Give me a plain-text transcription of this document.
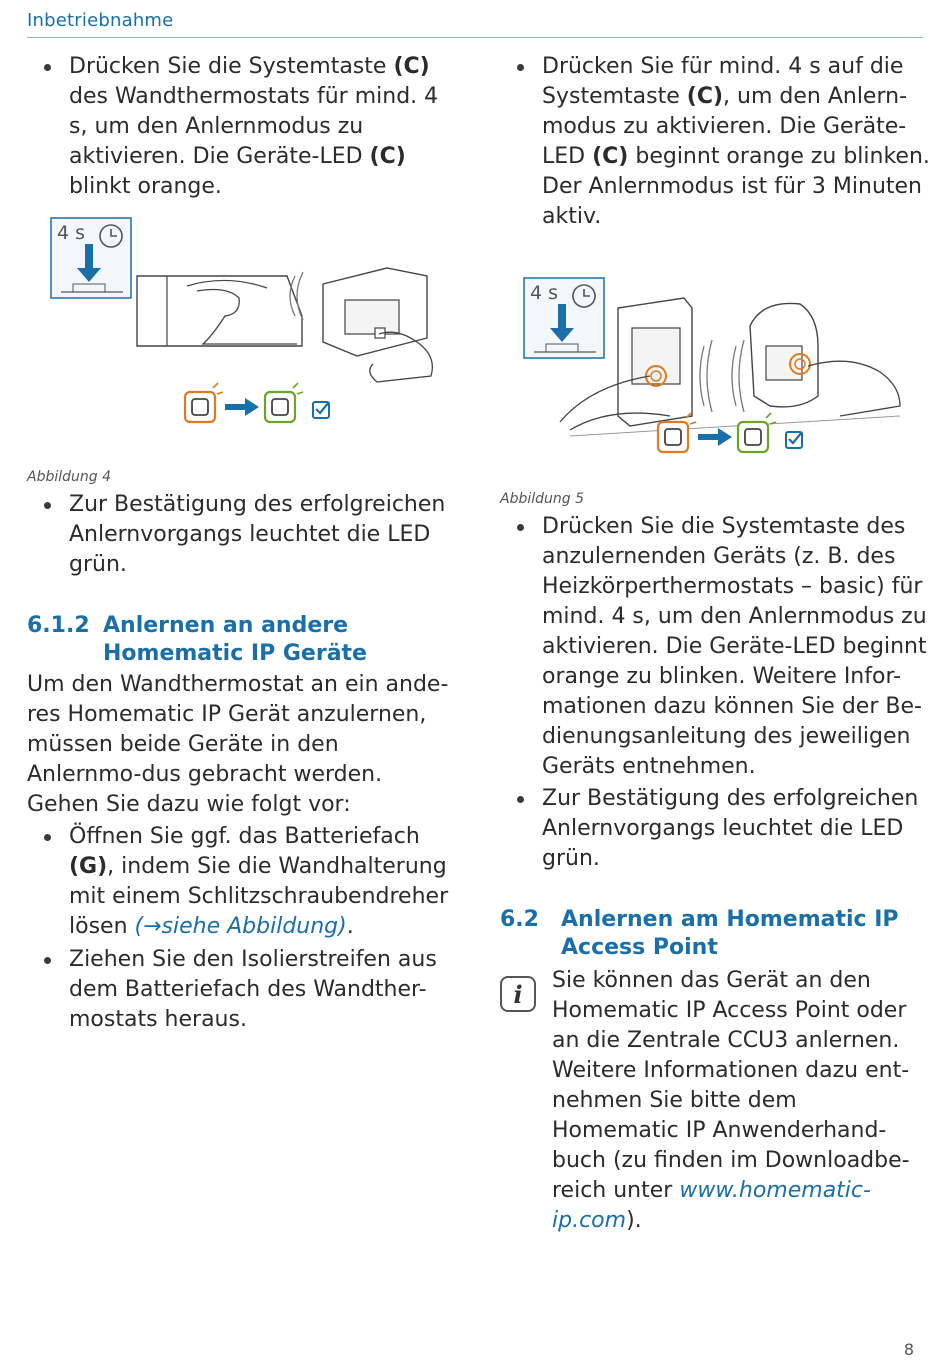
Inbetriebnahme
Drücken Sie die Systemtaste (C) des Wandthermostats für mind. 4 s, um den Anlernmodus zu aktivieren. Die Geräte-LED (C) blinkt orange.
4 s
Abbildung 4
Zur Bestätigung des erfolgreichen Anlernvorgangs leuchtet die LED grün.
6.1.2 Anlernen an andere
Homematic IP Geräte

Um den Wandthermostat an ein ande-res Homematic IP Gerät anzulernen, müssen beide Geräte in den Anlernmo-dus gebracht werden. Gehen Sie dazu wie folgt vor:

Öffnen Sie ggf. das Batteriefach (G), indem Sie die Wandhalterung mit einem Schlitzschraubendreher lösen (→siehe Abbildung).
Ziehen Sie den Isolierstreifen aus dem Batteriefach des Wandther-mostats heraus.
Drücken Sie für mind. 4 s auf die Systemtaste (C), um den Anlern-modus zu aktivieren. Die Geräte-LED (C) beginnt orange zu blinken. Der Anlernmodus ist für 3 Minuten aktiv.
4 s
Abbildung 5
Drücken Sie die Systemtaste des anzulernenden Geräts (z. B. des Heizkörperthermostats – basic) für mind. 4 s, um den Anlernmodus zu aktivieren. Die Geräte-LED beginnt orange zu blinken. Weitere Infor-mationen dazu können Sie der Be-dienungsanleitung des jeweiligen Geräts entnehmen.
Zur Bestätigung des erfolgreichen Anlernvorgangs leuchtet die LED grün.
6.2	Anlernen am Homematic IP
Access Point
i	Sie können das Gerät an den Homematic IP Access Point oder an die Zentrale CCU3 anlernen. Weitere Informationen dazu ent-nehmen Sie bitte dem Homematic IP Anwenderhand-buch (zu finden im Downloadbe-reich unter www.homematic-ip.com).

8
